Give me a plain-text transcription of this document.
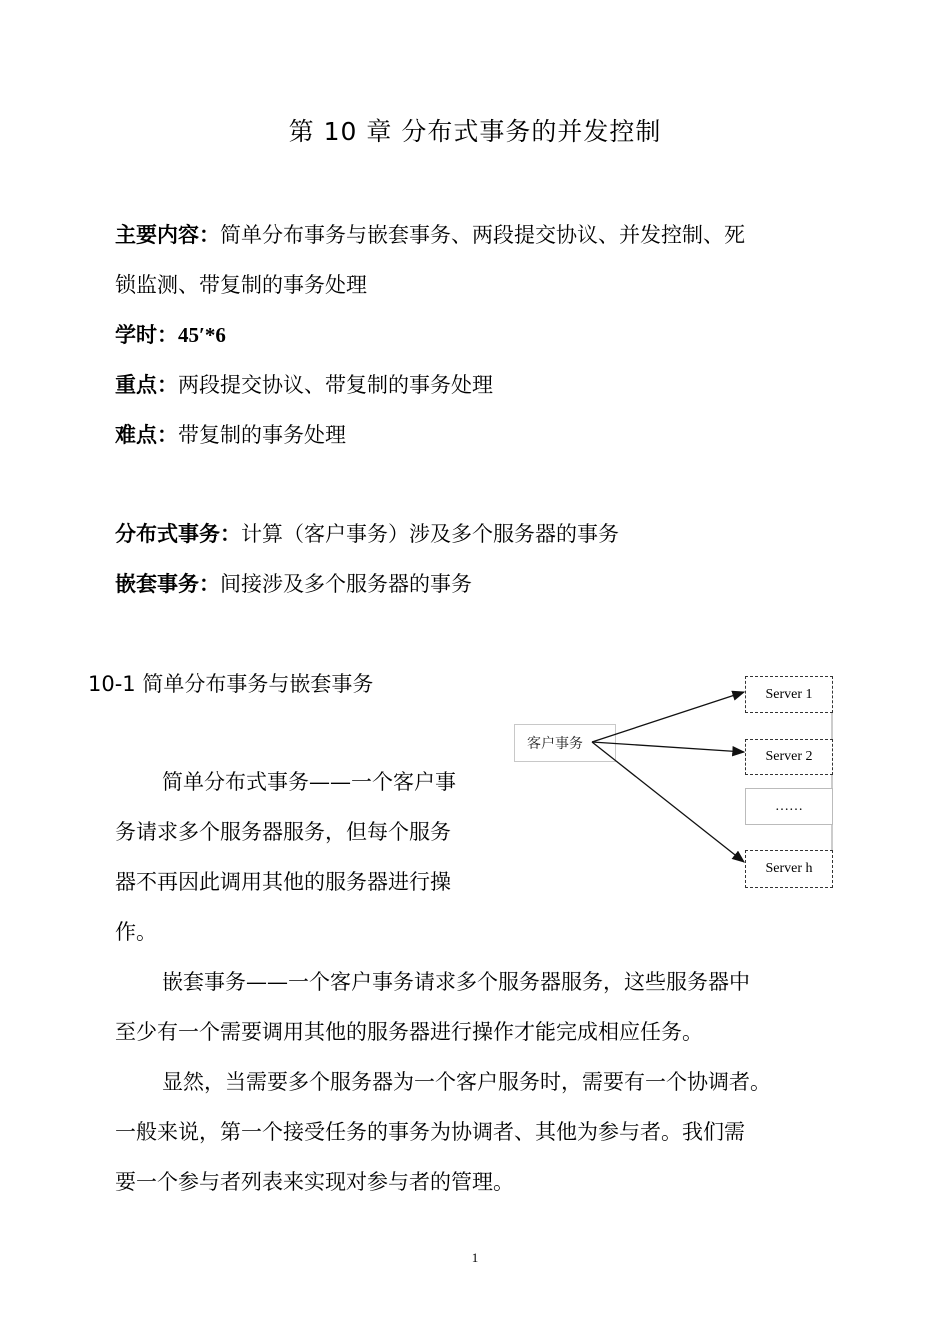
第 10 章 分布式事务的并发控制
主要内容：简单分布事务与嵌套事务、两段提交协议、并发控制、死
锁监测、带复制的事务处理
学时：45′*6
重点：两段提交协议、带复制的事务处理
难点：带复制的事务处理
分布式事务：计算（客户事务）涉及多个服务器的事务
嵌套事务：间接涉及多个服务器的事务
10-1 简单分布事务与嵌套事务
简单分布式事务——一个客户事
务请求多个服务器服务，但每个服务
器不再因此调用其他的服务器进行操
作。
嵌套事务——一个客户事务请求多个服务器服务，这些服务器中
至少有一个需要调用其他的服务器进行操作才能完成相应任务。
显然，当需要多个服务器为一个客户服务时，需要有一个协调者。
一般来说，第一个接受任务的事务为协调者、其他为参与者。我们需
要一个参与者列表来实现对参与者的管理。
客户事务
Server 1
Server 2
……
Server h
1
